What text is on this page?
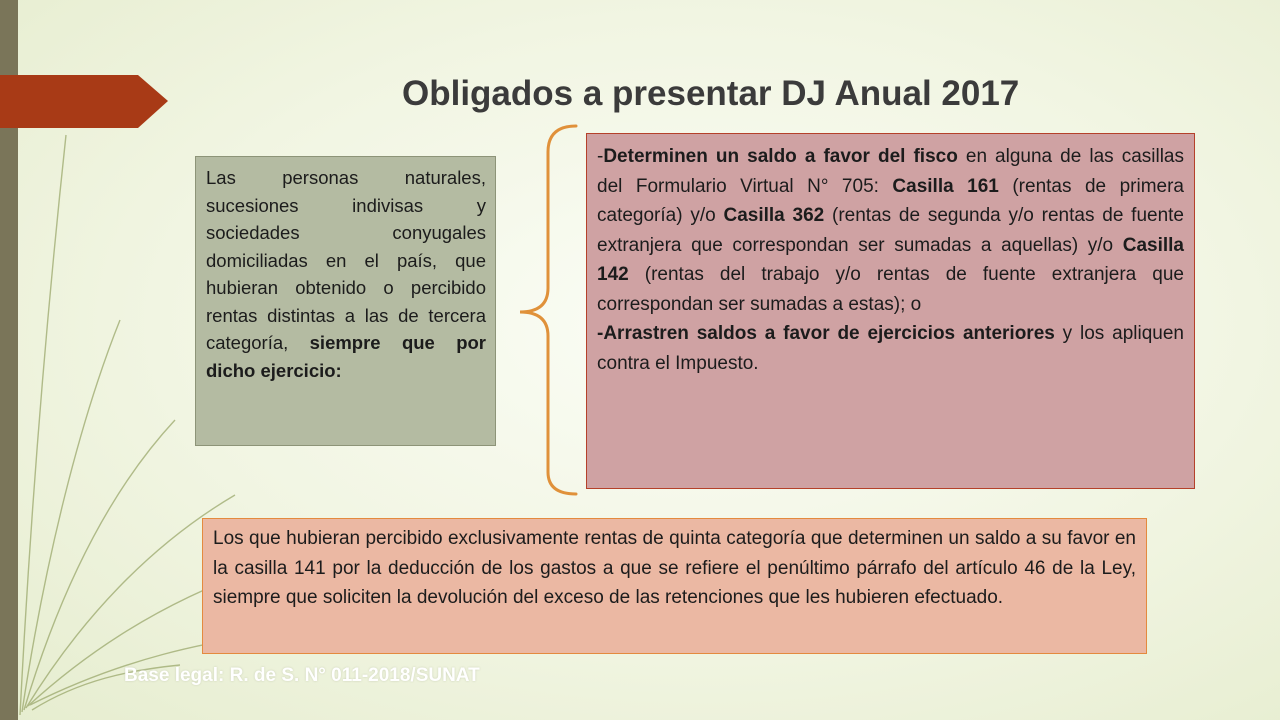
Obligados a presentar DJ Anual 2017

Las personas naturales, sucesiones indivisas y sociedades conyugales domiciliadas en el país, que hubieran obtenido o percibido rentas distintas a las de tercera categoría, siempre que por dicho ejercicio:

-Determinen un saldo a favor del fisco en alguna de las casillas del Formulario Virtual N° 705: Casilla 161 (rentas de primera categoría) y/o Casilla 362 (rentas de segunda y/o rentas de fuente extranjera que correspondan ser sumadas a aquellas) y/o Casilla 142 (rentas del trabajo y/o rentas de fuente extranjera que correspondan ser sumadas a estas); o

-Arrastren saldos a favor de ejercicios anteriores y los apliquen contra el Impuesto.

Los que hubieran percibido exclusivamente rentas de quinta categoría que determinen un saldo a su favor en la casilla 141 por la deducción de los gastos a que se refiere el penúltimo párrafo del artículo 46 de la Ley, siempre que soliciten la devolución del exceso de las retenciones que les hubieren efectuado.

Base legal: R. de S. N° 011-2018/SUNAT
